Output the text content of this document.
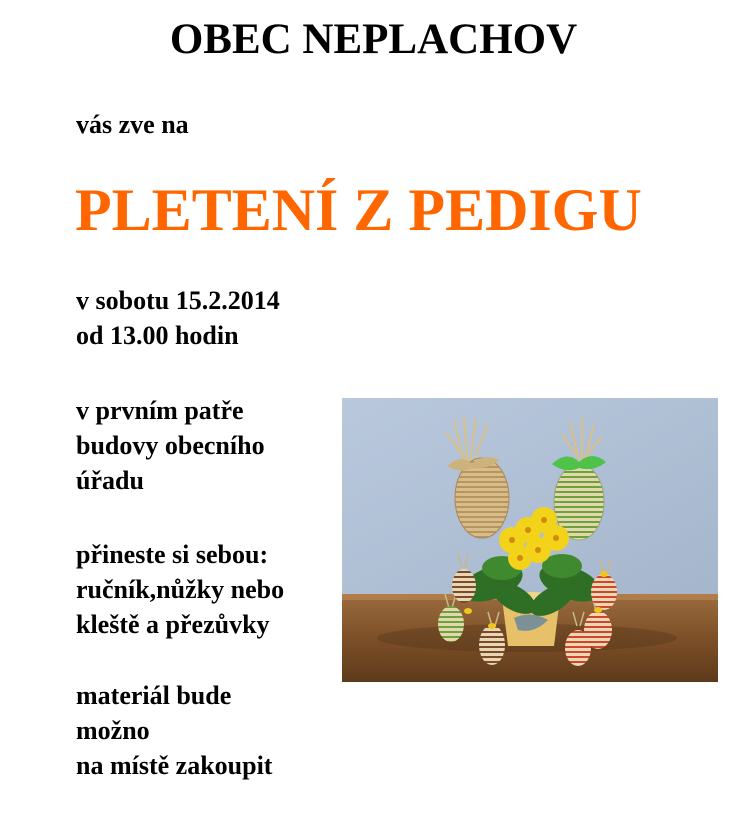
OBEC NEPLACHOV
vás zve na
PLETENÍ Z PEDIGU
v sobotu 15.2.2014
od 13.00 hodin
v prvním patře
budovy obecního
úřadu
přineste si sebou:
ručník,nůžky nebo
kleště a přezůvky
materiál bude
možno
na místě zakoupit
